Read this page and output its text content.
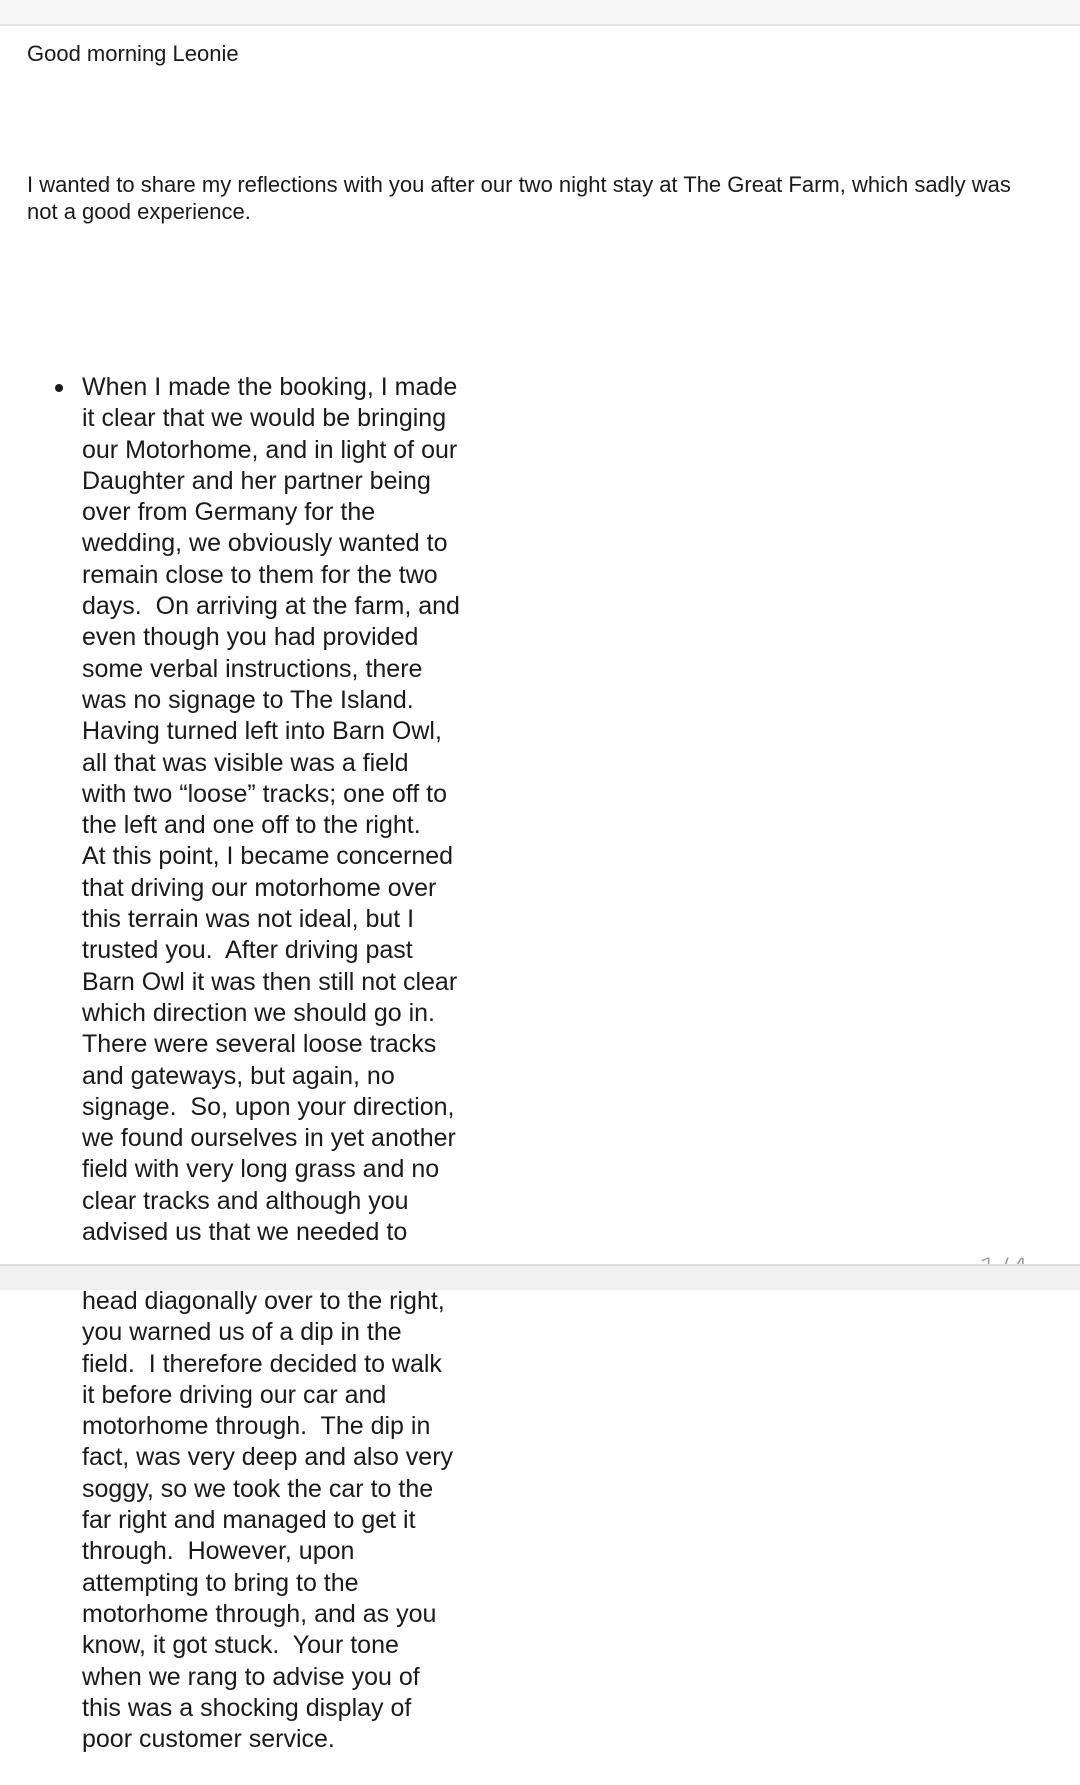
Good morning Leonie

I wanted to share my reflections with you after our two night stay at The Great Farm, which sadly was not a good experience.

When I made the booking, I made
it clear that we would be bringing
our Motorhome, and in light of our
Daughter and her partner being
over from Germany for the
wedding, we obviously wanted to
remain close to them for the two
days.  On arriving at the farm, and
even though you had provided
some verbal instructions, there
was no signage to The Island.
Having turned left into Barn Owl,
all that was visible was a field
with two “loose” tracks; one off to
the left and one off to the right.
At this point, I became concerned
that driving our motorhome over
this terrain was not ideal, but I
trusted you.  After driving past
Barn Owl it was then still not clear
which direction we should go in.
There were several loose tracks
and gateways, but again, no
signage.  So, upon your direction,
we found ourselves in yet another
field with very long grass and no
clear tracks and although you
advised us that we needed to
head diagonally over to the right,
you warned us of a dip in the
field.  I therefore decided to walk
it before driving our car and
motorhome through.  The dip in
fact, was very deep and also very
soggy, so we took the car to the
far right and managed to get it
through.  However, upon
attempting to bring to the
motorhome through, and as you
know, it got stuck.  Your tone
when we rang to advise you of
this was a shocking display of
poor customer service.
